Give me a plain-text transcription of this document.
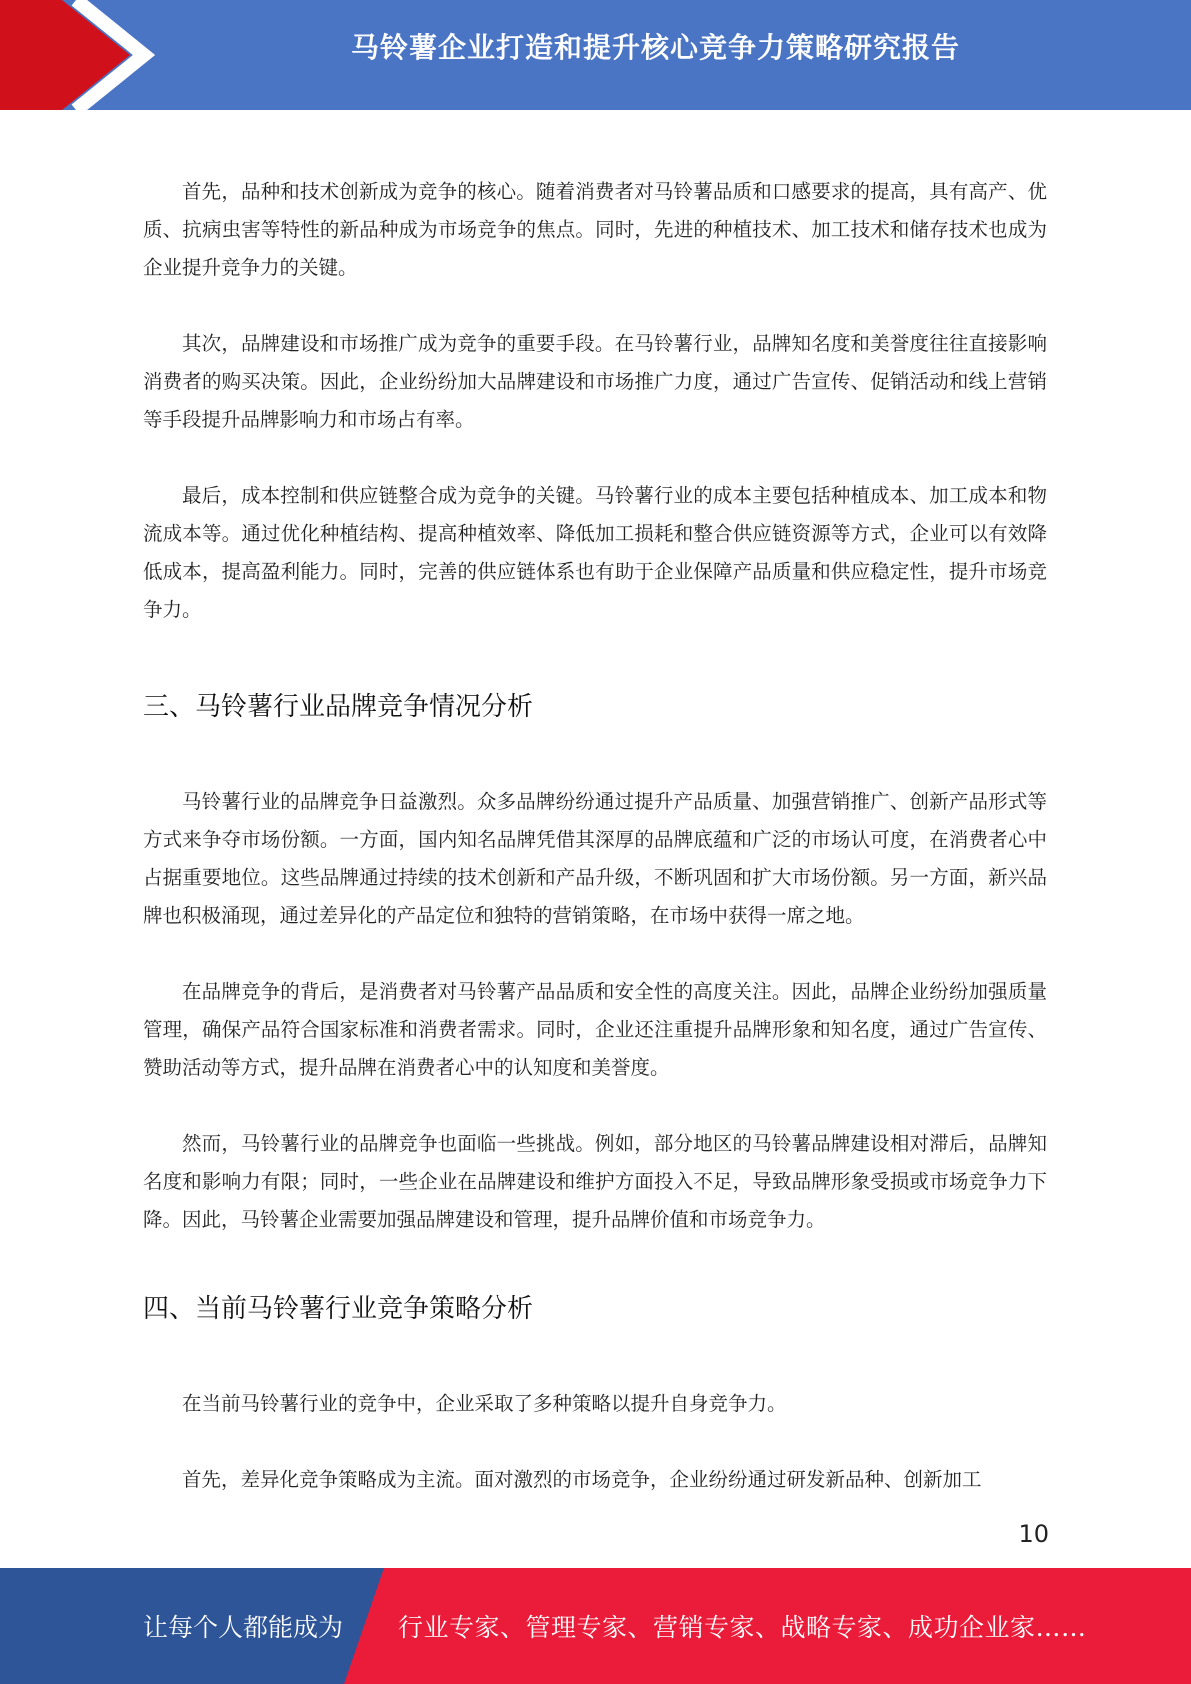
马铃薯企业打造和提升核心竞争力策略研究报告

首先，品种和技术创新成为竞争的核心。随着消费者对马铃薯品质和口感要求的提高，具有高产、优质、抗病虫害等特性的新品种成为市场竞争的焦点。同时，先进的种植技术、加工技术和储存技术也成为企业提升竞争力的关键。

其次，品牌建设和市场推广成为竞争的重要手段。在马铃薯行业，品牌知名度和美誉度往往直接影响消费者的购买决策。因此，企业纷纷加大品牌建设和市场推广力度，通过广告宣传、促销活动和线上营销等手段提升品牌影响力和市场占有率。

最后，成本控制和供应链整合成为竞争的关键。马铃薯行业的成本主要包括种植成本、加工成本和物流成本等。通过优化种植结构、提高种植效率、降低加工损耗和整合供应链资源等方式，企业可以有效降低成本，提高盈利能力。同时，完善的供应链体系也有助于企业保障产品质量和供应稳定性，提升市场竞争力。

三、马铃薯行业品牌竞争情况分析

马铃薯行业的品牌竞争日益激烈。众多品牌纷纷通过提升产品质量、加强营销推广、创新产品形式等方式来争夺市场份额。一方面，国内知名品牌凭借其深厚的品牌底蕴和广泛的市场认可度，在消费者心中占据重要地位。这些品牌通过持续的技术创新和产品升级，不断巩固和扩大市场份额。另一方面，新兴品牌也积极涌现，通过差异化的产品定位和独特的营销策略，在市场中获得一席之地。

在品牌竞争的背后，是消费者对马铃薯产品品质和安全性的高度关注。因此，品牌企业纷纷加强质量管理，确保产品符合国家标准和消费者需求。同时，企业还注重提升品牌形象和知名度，通过广告宣传、赞助活动等方式，提升品牌在消费者心中的认知度和美誉度。

然而，马铃薯行业的品牌竞争也面临一些挑战。例如，部分地区的马铃薯品牌建设相对滞后，品牌知名度和影响力有限；同时，一些企业在品牌建设和维护方面投入不足，导致品牌形象受损或市场竞争力下降。因此，马铃薯企业需要加强品牌建设和管理，提升品牌价值和市场竞争力。

四、当前马铃薯行业竞争策略分析

在当前马铃薯行业的竞争中，企业采取了多种策略以提升自身竞争力。

首先，差异化竞争策略成为主流。面对激烈的市场竞争，企业纷纷通过研发新品种、创新加工

10
让每个人都能成为 行业专家、管理专家、营销专家、战略专家、成功企业家……
